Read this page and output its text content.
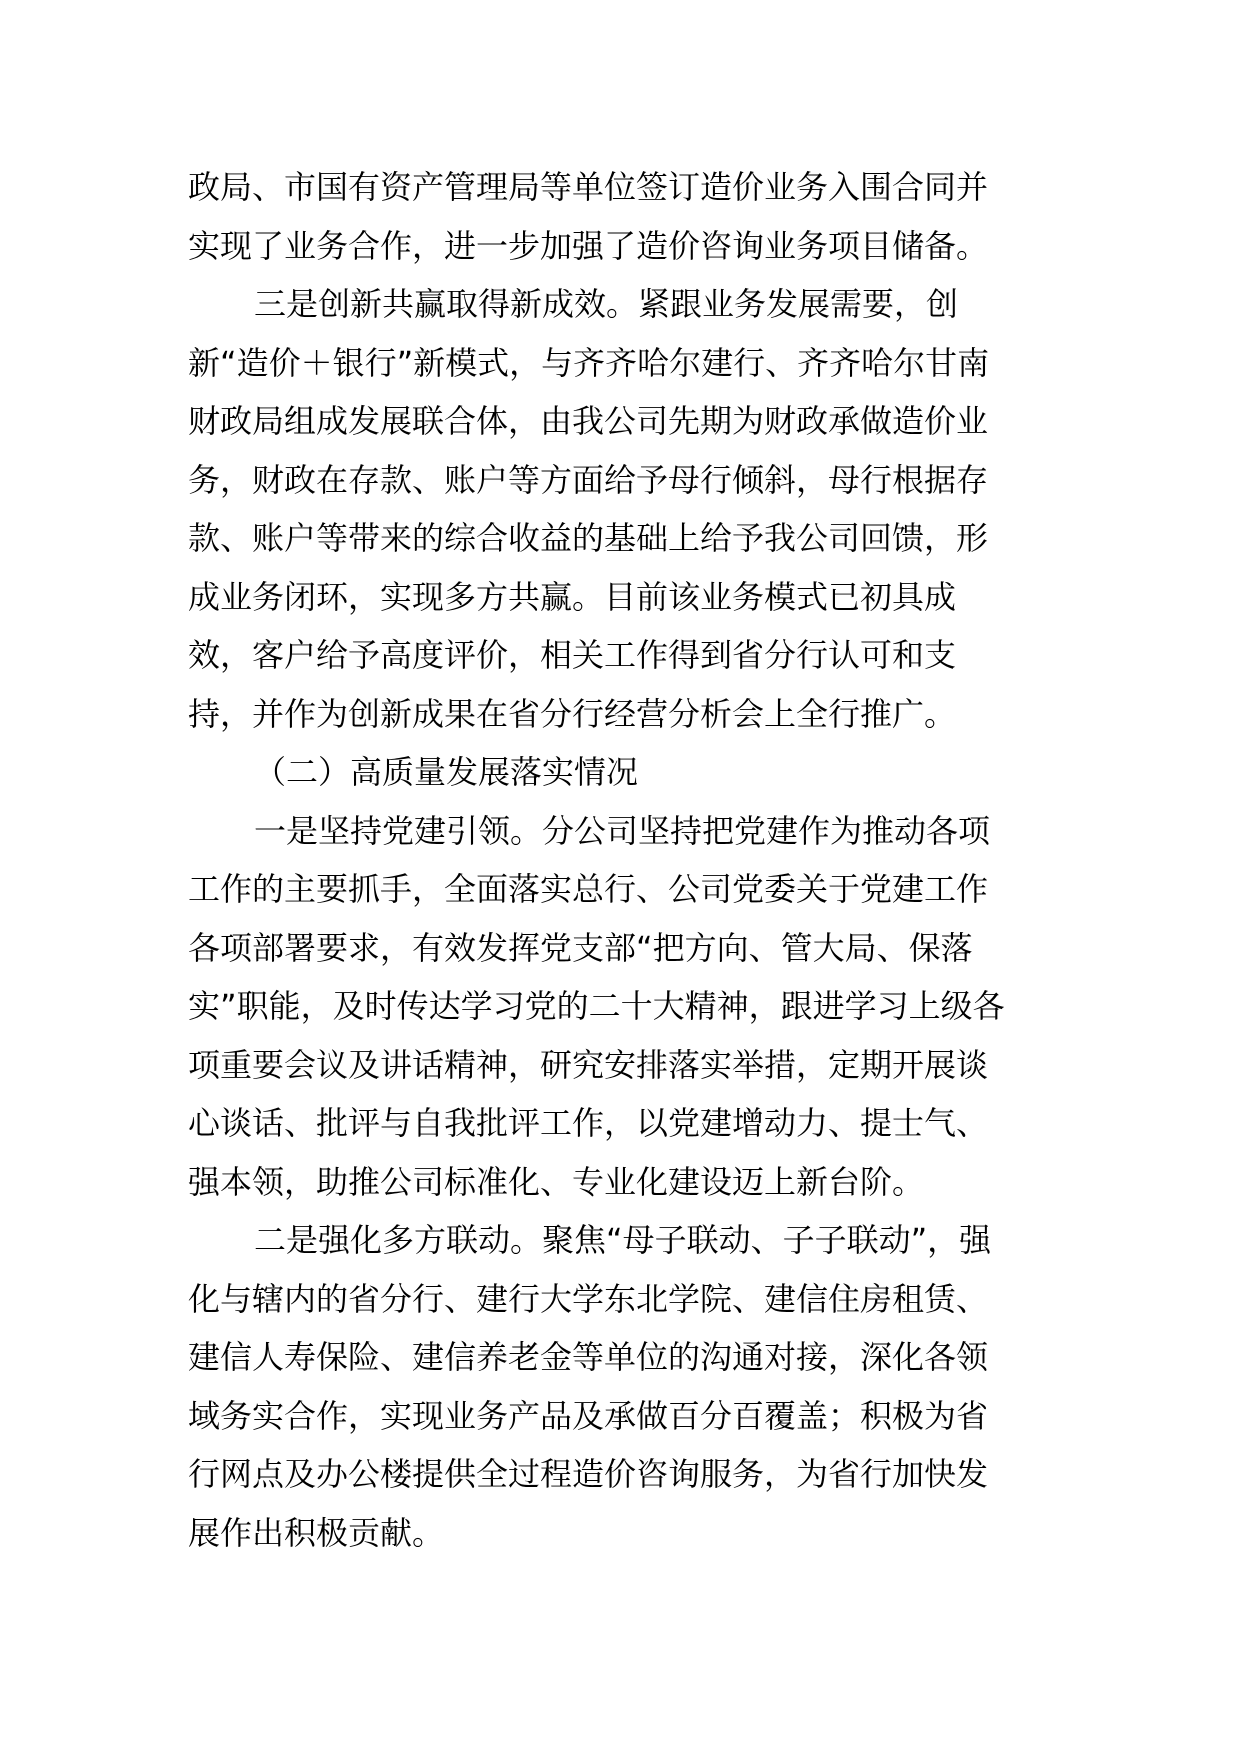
政局、市国有资产管理局等单位签订造价业务入围合同并
实现了业务合作，进一步加强了造价咨询业务项目储备。
三是创新共赢取得新成效。紧跟业务发展需要，创
新“造价＋银行”新模式，与齐齐哈尔建行、齐齐哈尔甘南
财政局组成发展联合体，由我公司先期为财政承做造价业
务，财政在存款、账户等方面给予母行倾斜，母行根据存
款、账户等带来的综合收益的基础上给予我公司回馈，形
成业务闭环，实现多方共赢。目前该业务模式已初具成
效，客户给予高度评价，相关工作得到省分行认可和支
持，并作为创新成果在省分行经营分析会上全行推广。
（二）高质量发展落实情况
一是坚持党建引领。分公司坚持把党建作为推动各项
工作的主要抓手，全面落实总行、公司党委关于党建工作
各项部署要求，有效发挥党支部“把方向、管大局、保落
实”职能，及时传达学习党的二十大精神，跟进学习上级各
项重要会议及讲话精神，研究安排落实举措，定期开展谈
心谈话、批评与自我批评工作，以党建增动力、提士气、
强本领，助推公司标准化、专业化建设迈上新台阶。
二是强化多方联动。聚焦“母子联动、子子联动”，强
化与辖内的省分行、建行大学东北学院、建信住房租赁、
建信人寿保险、建信养老金等单位的沟通对接，深化各领
域务实合作，实现业务产品及承做百分百覆盖；积极为省
行网点及办公楼提供全过程造价咨询服务，为省行加快发
展作出积极贡献。
